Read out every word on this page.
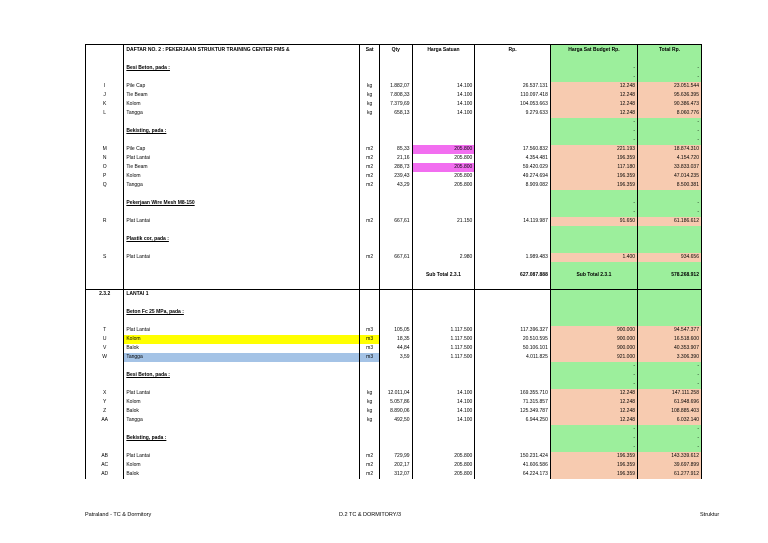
	DAFTAR NO. 2 : PEKERJAAN STRUKTUR TRAINING CENTER FMS &	Sat	Qty	Harga Satuan	Rp.	Harga Sat Budget Rp.	Total Rp.

	Besi Beton, pada :					-	-
						-	-
I	Pile Cap	kg	1.882,07	14.100	26.537.131	12.248	23.051.544
J	Tie Beam	kg	7.808,33	14.100	110.097.418	12.248	95.636.395
K	Kolom	kg	7.379,69	14.100	104.053.663	12.248	90.386.473
L	Tangga	kg	658,13	14.100	9.279.633	12.248	8.060.776
						-	-
	Bekisting, pada :					-	-
						-	-
M	Pile Cap	m2	85,33	205.800	17.560.832	221.193	18.874.310
N	Plat Lantai	m2	21,16	205.800	4.354.481	196.359	4.154.720
O	Tie Beam	m2	288,73	205.800	59.420.029	117.180	33.833.037
P	Kolom	m2	239,43	205.800	49.274.694	196.359	47.014.235
Q	Tangga	m2	43,29	205.800	8.909.082	196.359	8.500.381

	Pekerjaan Wire Mesh M8-150					-	-
						-	-
R	Plat Lantai	m2	667,61	21.150	14.119.987	91.650	61.186.612

	Plastik cor, pada :						

S	Plat Lantai	m2	667,61	2.980	1.989.483	1.400	934.656

				Sub Total 2.3.1	627.087.888	Sub Total 2.3.1	578.268.912

2.3.2	LANTAI 1						

	Beton Fc 25 MPa, pada :						

T	Plat Lantai	m3	105,05	1.117.500	117.396.327	900.000	94.547.377
U	Kolom	m3	18,35	1.117.500	20.510.595	900.000	16.518.600
V	Balok	m3	44,84	1.117.500	50.106.101	900.000	40.353.907
W	Tangga	m3	3,59	1.117.500	4.011.825	921.000	3.306.390
						-	-
	Besi Beton, pada :					-	-
						-	-
X	Plat Lantai	kg	12.011,04	14.100	169.355.710	12.248	147.111.258
Y	Kolom	kg	5.057,86	14.100	71.315.857	12.248	61.948.696
Z	Balok	kg	8.890,06	14.100	125.349.787	12.248	108.885.403
AA	Tangga	kg	492,50	14.100	6.944.250	12.248	6.032.140
						-	-
	Bekisting, pada :					-	-
						-	-
AB	Plat Lantai	m2	729,99	205.800	150.231.424	196.359	143.339.612
AC	Kolom	m2	202,17	205.800	41.606.586	196.359	39.697.899
AD	Balok	m2	312,07	205.800	64.224.173	196.359	61.277.912
Patraland - TC & Dormitory	D.2 TC & DORMITORY/3	Struktur
